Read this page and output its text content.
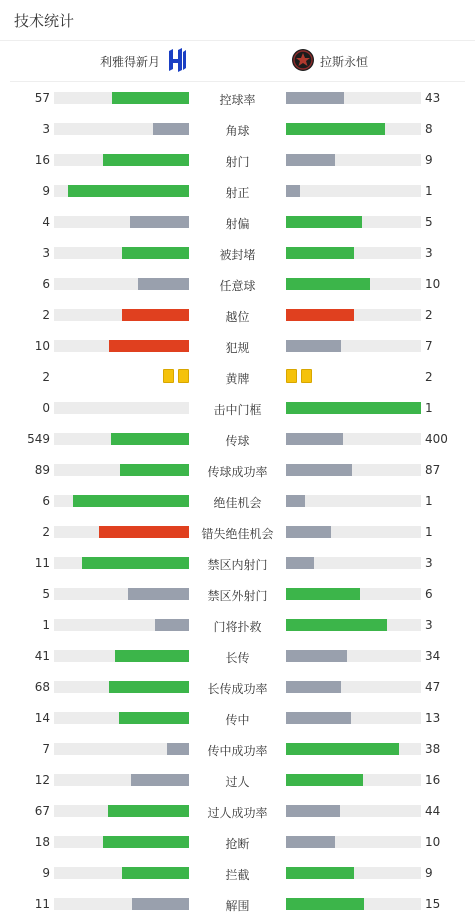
技术统计
利雅得新月	拉斯永恒
57	控球率	43
3	角球	8
16	射门	9
9	射正	1
4	射偏	5
3	被封堵	3
6	任意球	10
2	越位	2
10	犯规	7
2	黄牌	2
0	击中门框	1
549	传球	400
89	传球成功率	87
6	绝佳机会	1
2	错失绝佳机会	1
11	禁区内射门	3
5	禁区外射门	6
1	门将扑救	3
41	长传	34
68	长传成功率	47
14	传中	13
7	传中成功率	38
12	过人	16
67	过人成功率	44
18	抢断	10
9	拦截	9
11	解围	15
